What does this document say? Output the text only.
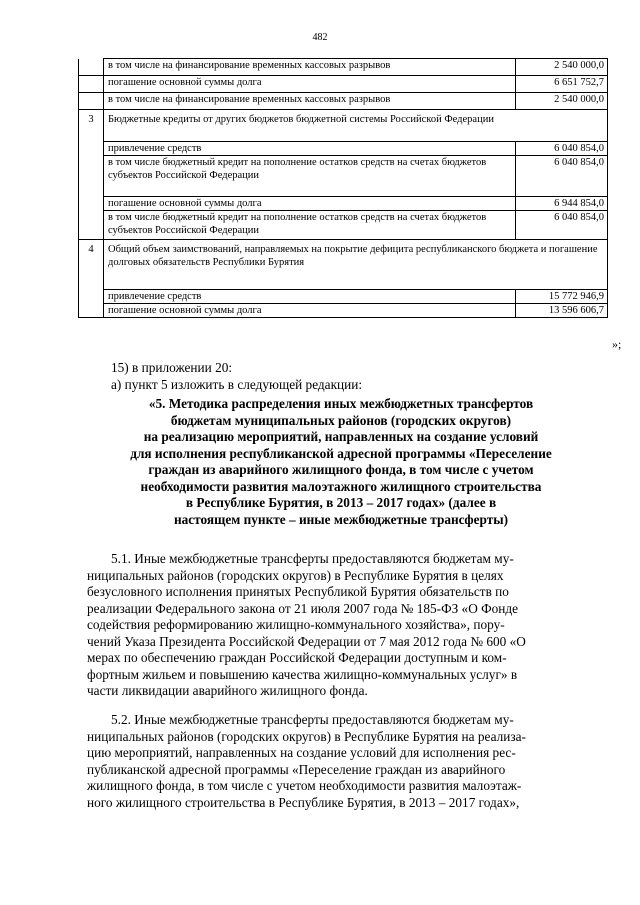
482
	в том числе на финансирование временных кассовых разрывов	2 540 000,0
	погашение основной суммы долга	6 651 752,7
	в том числе на финансирование временных кассовых разрывов	2 540 000,0
3	Бюджетные кредиты от других бюджетов бюджетной системы Российской Федерации	
	привлечение средств	6 040 854,0
	в том числе бюджетный кредит на пополнение остатков средств на счетах бюджетов субъектов Российской Федерации	6 040 854,0
	погашение основной суммы долга	6 944 854,0
	в том числе бюджетный кредит на пополнение остатков средств на счетах бюджетов субъектов Российской Федерации	6 040 854,0
4	Общий объем заимствований, направляемых на покрытие дефицита республиканского бюджета и погашение долговых обязательств Республики Бурятия	
	привлечение средств	15 772 946,9
	погашение основной суммы долга	13 596 606,7
»;
15) в приложении 20:
а) пункт 5 изложить в следующей редакции:
«5. Методика распределения иных межбюджетных трансфертов
бюджетам муниципальных районов (городских округов)
на реализацию мероприятий, направленных на создание условий
для исполнения республиканской адресной программы «Переселение
граждан из аварийного жилищного фонда, в том числе с учетом
необходимости развития малоэтажного жилищного строительства
в Республике Бурятия, в 2013 – 2017 годах» (далее в
настоящем пункте – иные межбюджетные трансферты)
5.1. Иные межбюджетные трансферты предоставляются бюджетам му-
ниципальных районов (городских округов) в Республике Бурятия в целях
безусловного исполнения принятых Республикой Бурятия обязательств по
реализации Федерального закона от 21 июля 2007 года № 185-ФЗ «О Фонде
содействия реформированию жилищно-коммунального хозяйства», пору-
чений Указа Президента Российской Федерации от 7 мая 2012 года № 600 «О
мерах по обеспечению граждан Российской Федерации доступным и ком-
фортным жильем и повышению качества жилищно-коммунальных услуг» в
части ликвидации аварийного жилищного фонда.
5.2. Иные межбюджетные трансферты предоставляются бюджетам му-
ниципальных районов (городских округов) в Республике Бурятия на реализа-
цию мероприятий, направленных на создание условий для исполнения рес-
публиканской адресной программы «Переселение граждан из аварийного
жилищного фонда, в том числе с учетом необходимости развития малоэтаж-
ного жилищного строительства в Республике Бурятия, в 2013 – 2017 годах»,
